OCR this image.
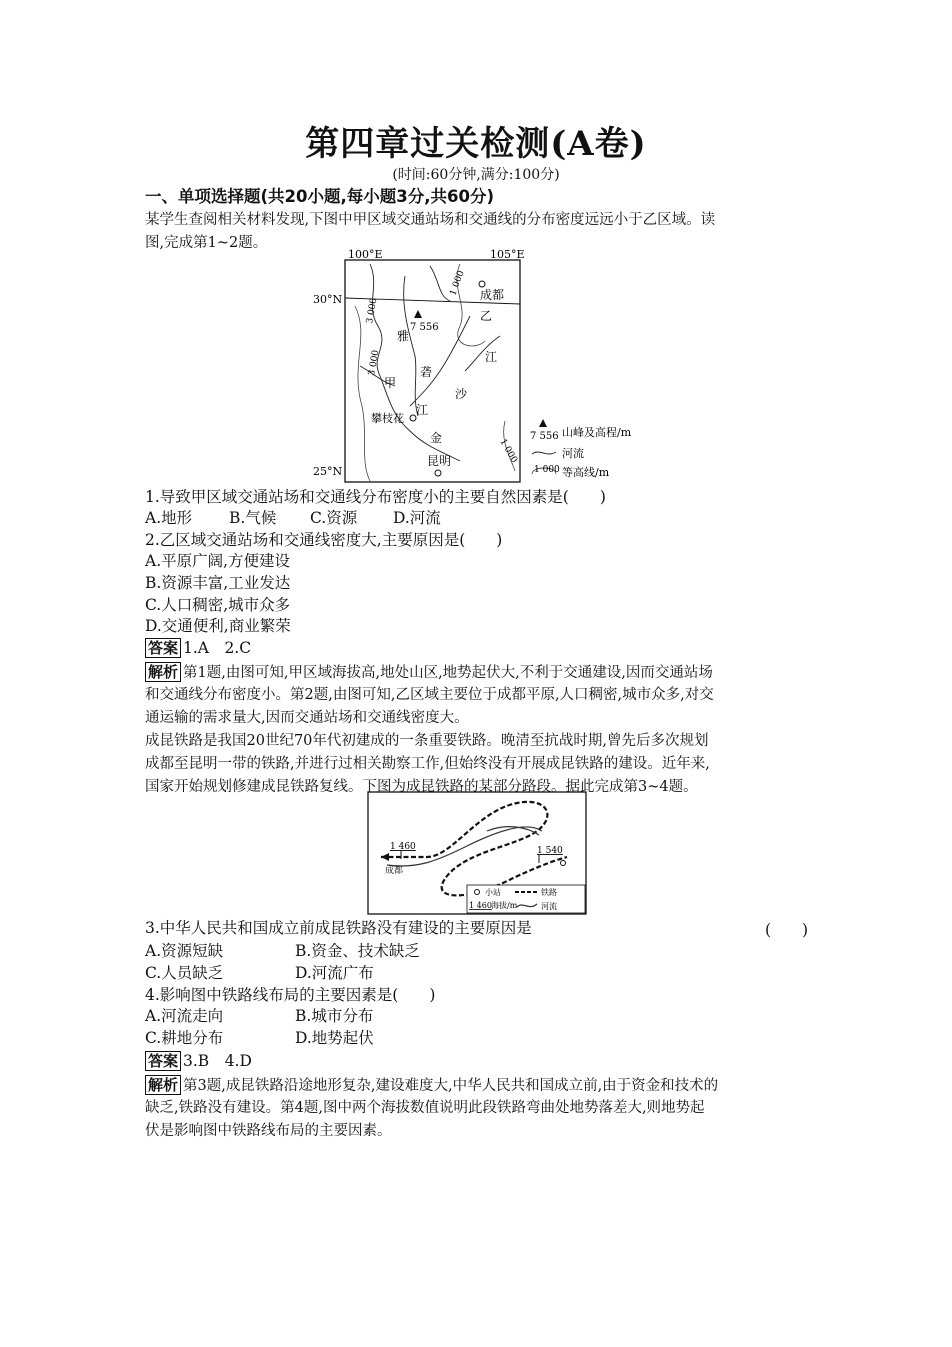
第四章过关检测(A卷)
(时间:60分钟,满分:100分)
一、单项选择题(共20小题,每小题3分,共60分)
某学生查阅相关材料发现,下图中甲区域交通站场和交通线的分布密度远远小于乙区域。读
图,完成第1~2题。
100°E	105°E
30°N
25°N
3 000
1 000
3 000
1 000
成都
乙
7 556
雅
砻
甲
江
金
沙
江
攀枝花
昆明
7 556 山峰及高程/m
河流
1 000 等高线/m
1.导致甲区域交通站场和交通线分布密度小的主要自然因素是(　　)
A.地形 B.气候 C.资源 D.河流
2.乙区域交通站场和交通线密度大,主要原因是(　　)
A.平原广阔,方便建设
B.资源丰富,工业发达
C.人口稠密,城市众多
D.交通便利,商业繁荣
答案 1.A　2.C
解析 第1题,由图可知,甲区域海拔高,地处山区,地势起伏大,不利于交通建设,因而交通站场
和交通线分布密度小。第2题,由图可知,乙区域主要位于成都平原,人口稠密,城市众多,对交
通运输的需求量大,因而交通站场和交通线密度大。
成昆铁路是我国20世纪70年代初建成的一条重要铁路。晚清至抗战时期,曾先后多次规划
成都至昆明一带的铁路,并进行过相关勘察工作,但始终没有开展成昆铁路的建设。近年来,
国家开始规划修建成昆铁路复线。下图为成昆铁路的某部分路段。据此完成第3~4题。
1 460	1 540
成都
小站	铁路
1 460 海拔/m	河流
3.中华人民共和国成立前成昆铁路没有建设的主要原因是	(　　)
A.资源短缺	B.资金、技术缺乏
C.人员缺乏	D.河流广布
4.影响图中铁路线布局的主要因素是(　　)
A.河流走向	B.城市分布
C.耕地分布	D.地势起伏
答案 3.B　4.D
解析 第3题,成昆铁路沿途地形复杂,建设难度大,中华人民共和国成立前,由于资金和技术的
缺乏,铁路没有建设。第4题,图中两个海拔数值说明此段铁路弯曲处地势落差大,则地势起
伏是影响图中铁路线布局的主要因素。
